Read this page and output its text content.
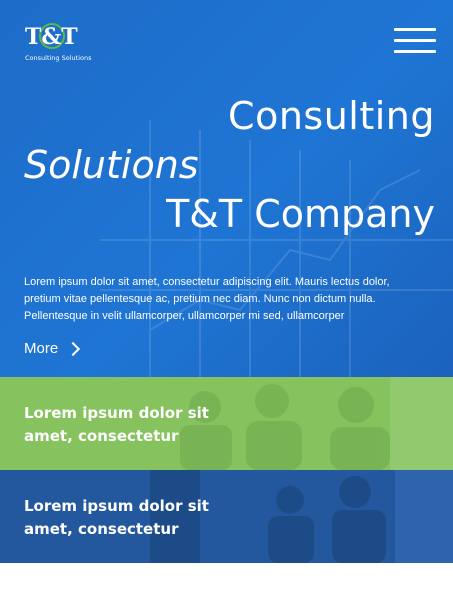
T&T
Consulting Solutions
Consulting
Solutions
T&T Company

Lorem ipsum dolor sit amet, consectetur adipiscing elit. Mauris lectus dolor, pretium vitae pellentesque ac, pretium nec diam. Nunc non dictum nulla. Pellentesque in velit ullamcorper, ullamcorper mi sed, ullamcorper

More
Lorem ipsum dolor sit amet, consectetur
Lorem ipsum dolor sit amet, consectetur
